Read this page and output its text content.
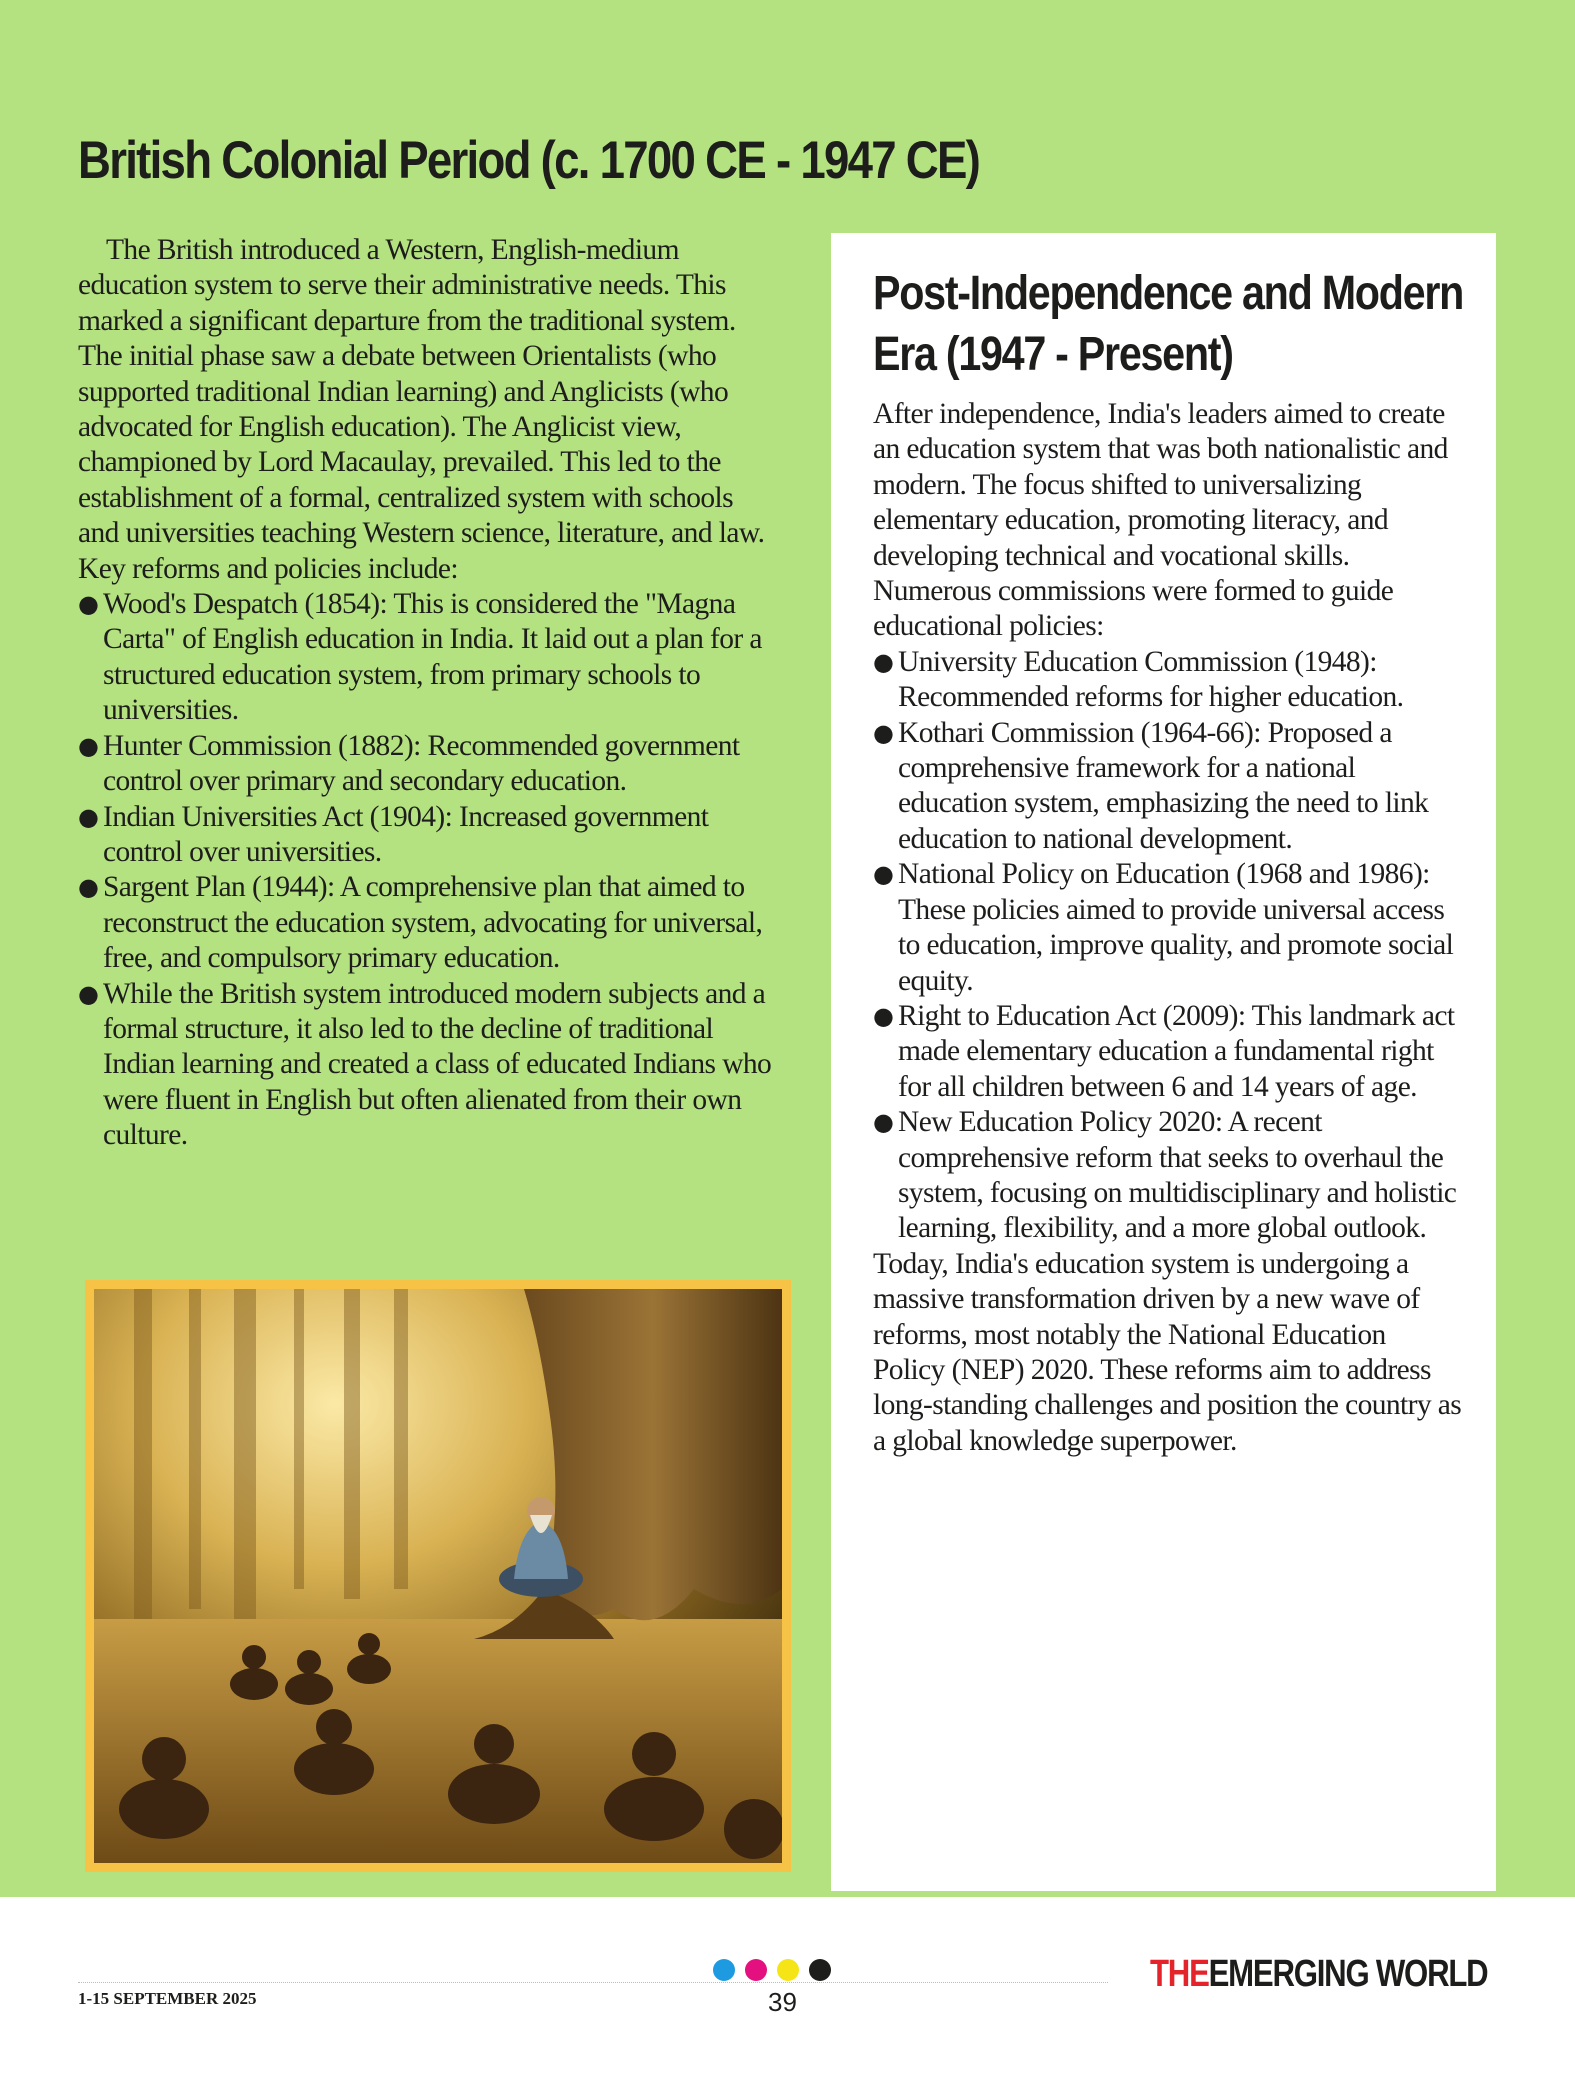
British Colonial Period (c. 1700 CE - 1947 CE)

The British introduced a Western, English-medium education system to serve their administrative needs. This marked a significant departure from the traditional system. The initial phase saw a debate between Orientalists (who supported traditional Indian learning) and Anglicists (who advocated for English education). The Anglicist view, championed by Lord Macaulay, prevailed. This led to the establishment of a formal, centralized system with schools and universities teaching Western science, literature, and law. Key reforms and policies include:

● Wood's Despatch (1854): This is considered the "Magna Carta" of English education in India. It laid out a plan for a structured education system, from primary schools to universities.
● Hunter Commission (1882): Recommended government control over primary and secondary education.
● Indian Universities Act (1904): Increased government control over universities.
● Sargent Plan (1944): A comprehensive plan that aimed to reconstruct the education system, advocating for universal, free, and compulsory primary education.
● While the British system introduced modern subjects and a formal structure, it also led to the decline of traditional Indian learning and created a class of educated Indians who were fluent in English but often alienated from their own culture.
Post-Independence and Modern Era (1947 - Present)

After independence, India's leaders aimed to create an education system that was both nationalistic and modern. The focus shifted to universalizing elementary education, promoting literacy, and developing technical and vocational skills. Numerous commissions were formed to guide educational policies:

● University Education Commission (1948): Recommended reforms for higher education.
● Kothari Commission (1964-66): Proposed a comprehensive framework for a national education system, emphasizing the need to link education to national development.
● National Policy on Education (1968 and 1986): These policies aimed to provide universal access to education, improve quality, and promote social equity.
● Right to Education Act (2009): This landmark act made elementary education a fundamental right for all children between 6 and 14 years of age.
● New Education Policy 2020: A recent comprehensive reform that seeks to overhaul the system, focusing on multidisciplinary and holistic learning, flexibility, and a more global outlook.

Today, India's education system is undergoing a massive transformation driven by a new wave of reforms, most notably the National Education Policy (NEP) 2020. These reforms aim to address long-standing challenges and position the country as a global knowledge superpower.

1-15 SEPTEMBER 2025	39
THEEMERGING WORLD
